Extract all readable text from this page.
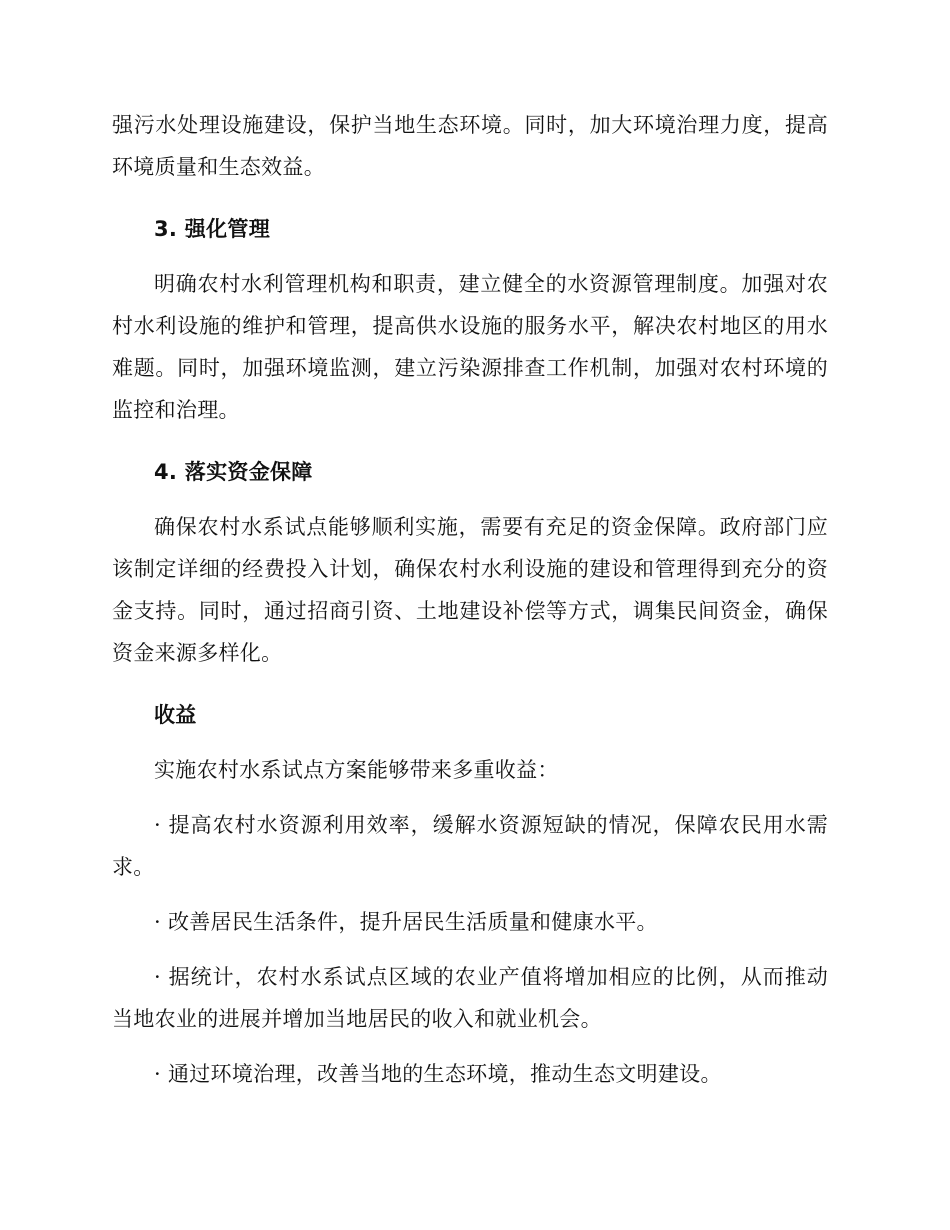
强污水处理设施建设，保护当地生态环境。同时，加大环境治理力度，提高环境质量和生态效益。

3. 强化管理

明确农村水利管理机构和职责，建立健全的水资源管理制度。加强对农村水利设施的维护和管理，提高供水设施的服务水平，解决农村地区的用水难题。同时，加强环境监测，建立污染源排查工作机制，加强对农村环境的监控和治理。

4. 落实资金保障

确保农村水系试点能够顺利实施，需要有充足的资金保障。政府部门应该制定详细的经费投入计划，确保农村水利设施的建设和管理得到充分的资金支持。同时，通过招商引资、土地建设补偿等方式，调集民间资金，确保资金来源多样化。

收益

实施农村水系试点方案能够带来多重收益：

· 提高农村水资源利用效率，缓解水资源短缺的情况，保障农民用水需求。

· 改善居民生活条件，提升居民生活质量和健康水平。

· 据统计，农村水系试点区域的农业产值将增加相应的比例，从而推动当地农业的进展并增加当地居民的收入和就业机会。

· 通过环境治理，改善当地的生态环境，推动生态文明建设。
